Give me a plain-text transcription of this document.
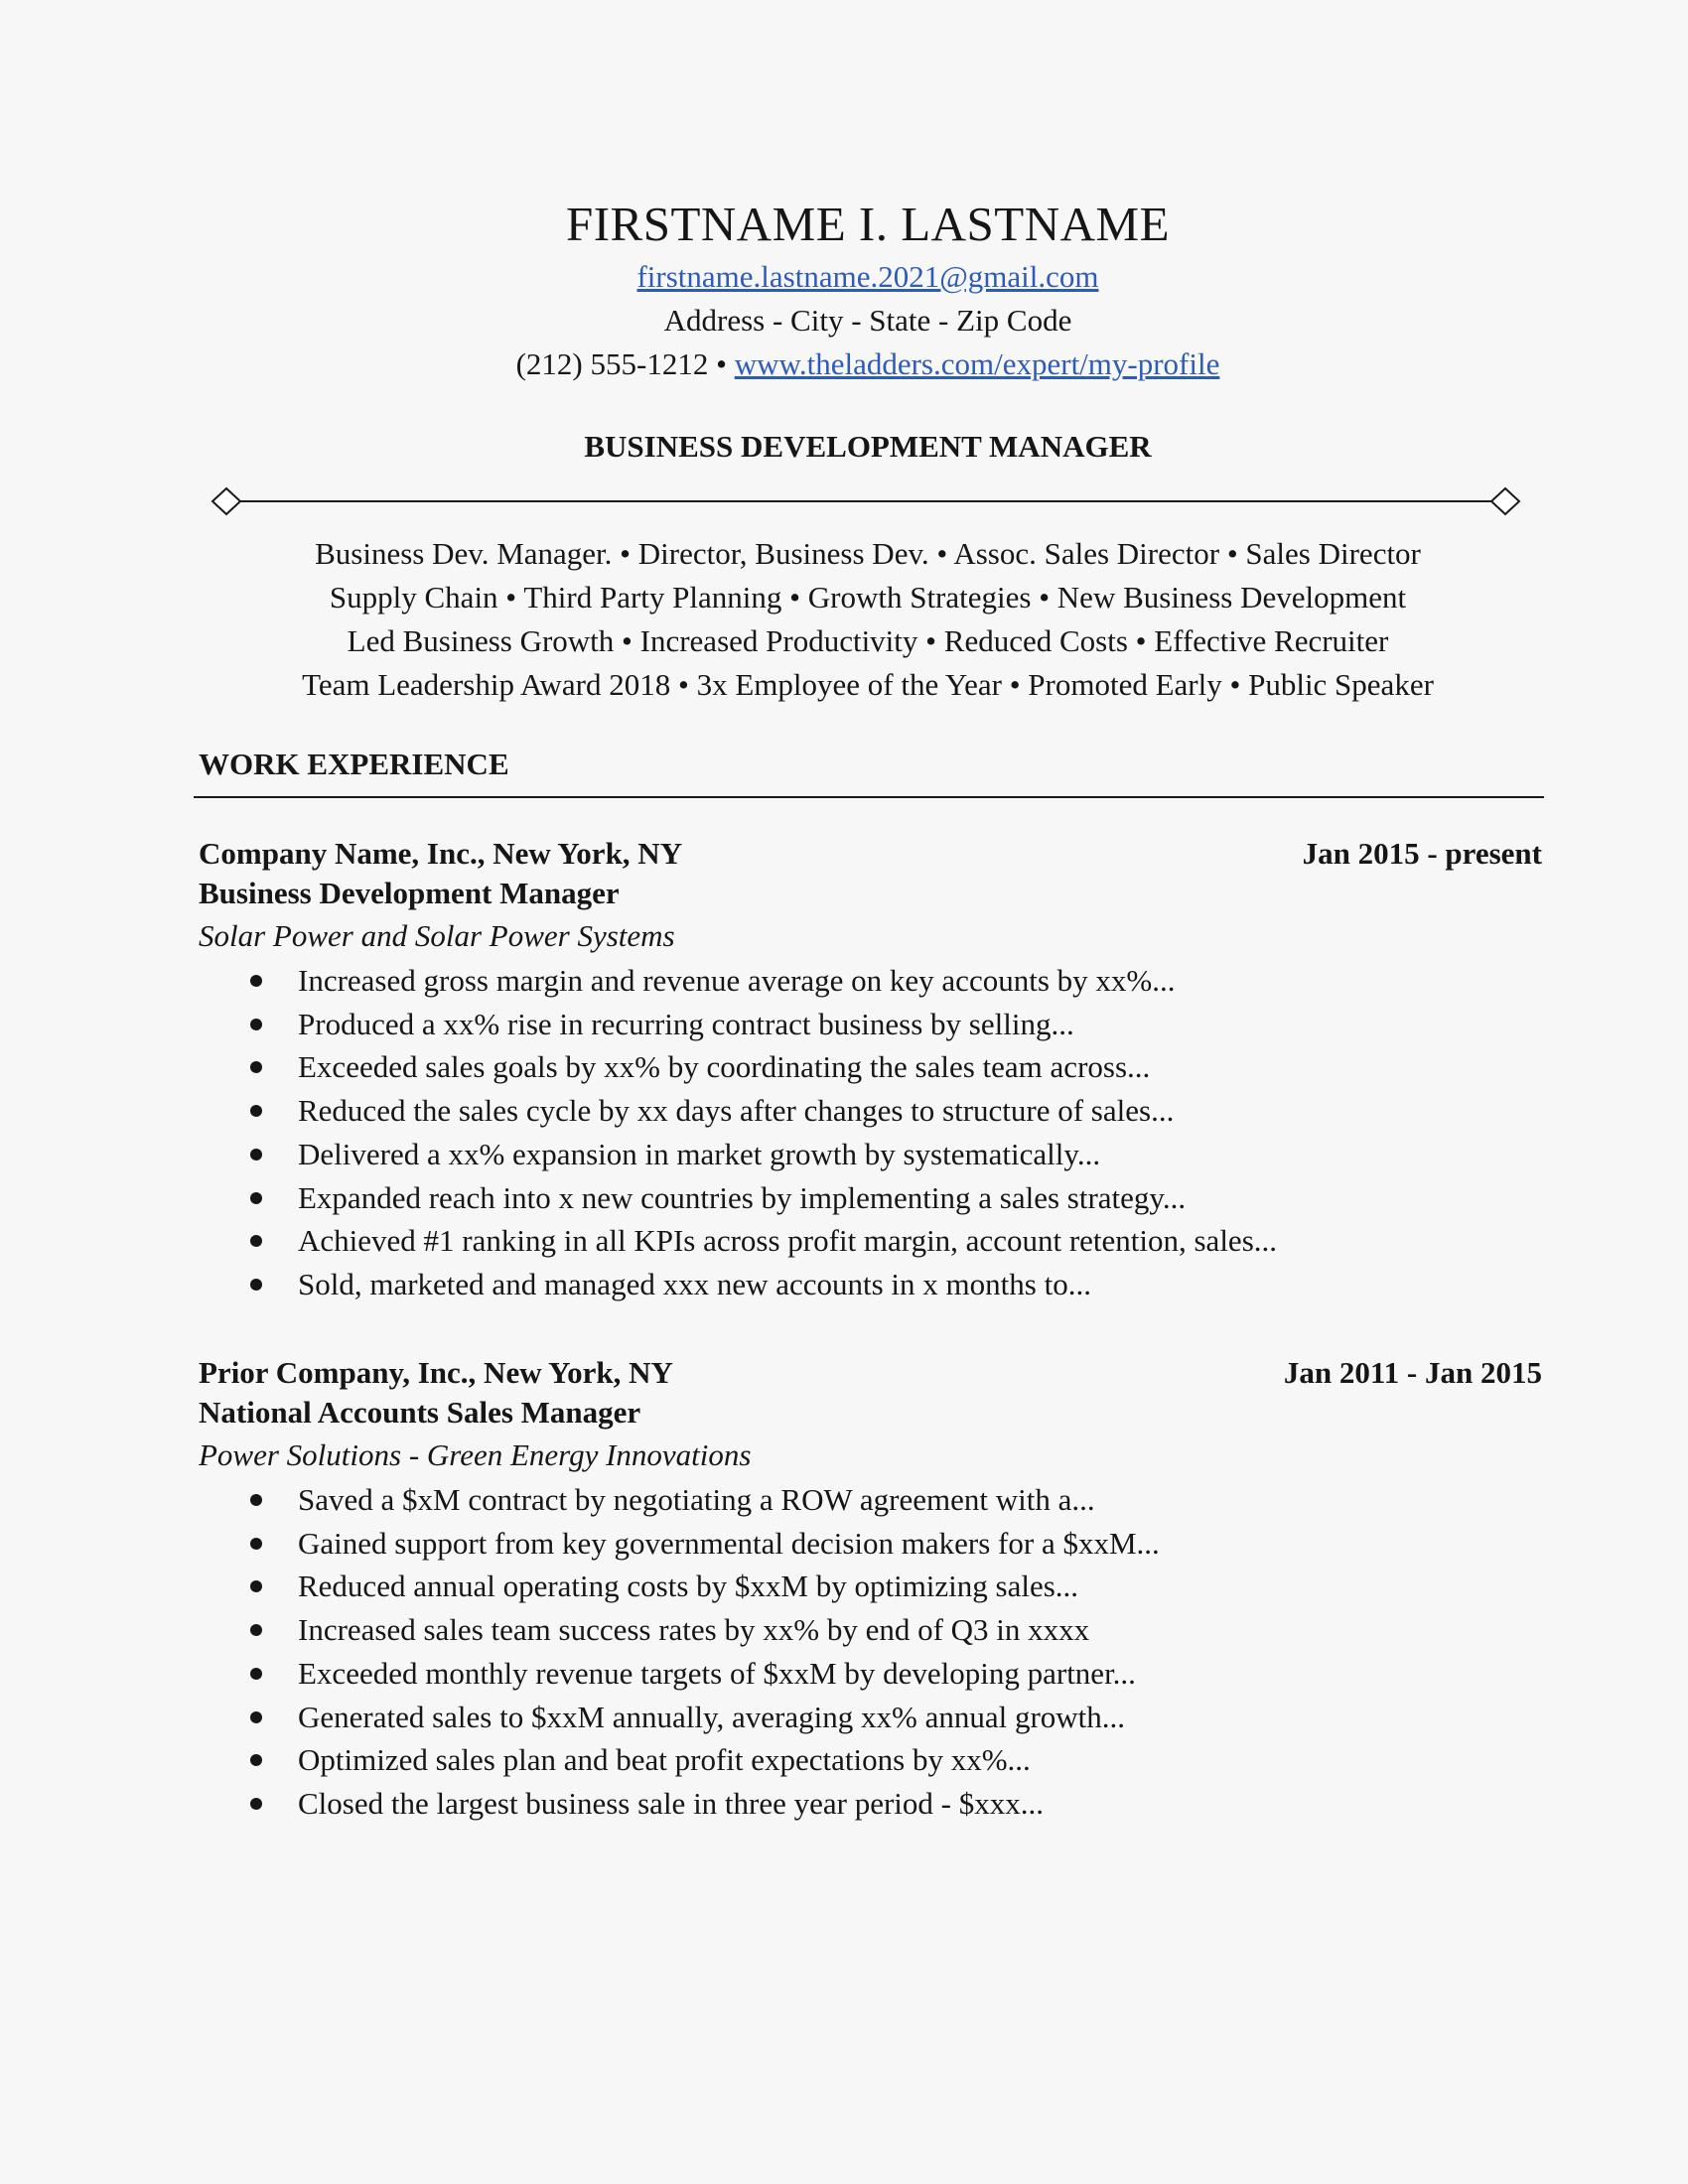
FIRSTNAME I. LASTNAME
firstname.lastname.2021@gmail.com
Address - City - State - Zip Code
(212) 555-1212 • www.theladders.com/expert/my-profile
BUSINESS DEVELOPMENT MANAGER
Business Dev. Manager. • Director, Business Dev. • Assoc. Sales Director • Sales Director
Supply Chain • Third Party Planning • Growth Strategies • New Business Development
Led Business Growth • Increased Productivity • Reduced Costs • Effective Recruiter
Team Leadership Award 2018 • 3x Employee of the Year • Promoted Early • Public Speaker
WORK EXPERIENCE
Company Name, Inc., New York, NY	Jan 2015 - present
Business Development Manager
Solar Power and Solar Power Systems
Increased gross margin and revenue average on key accounts by xx%...
Produced a xx% rise in recurring contract business by selling...
Exceeded sales goals by xx% by coordinating the sales team across...
Reduced the sales cycle by xx days after changes to structure of sales...
Delivered a xx% expansion in market growth by systematically...
Expanded reach into x new countries by implementing a sales strategy...
Achieved #1 ranking in all KPIs across profit margin, account retention, sales...
Sold, marketed and managed xxx new accounts in x months to...
Prior Company, Inc., New York, NY	Jan 2011 - Jan 2015
National Accounts Sales Manager
Power Solutions - Green Energy Innovations
Saved a $xM contract by negotiating a ROW agreement with a...
Gained support from key governmental decision makers for a $xxM...
Reduced annual operating costs by $xxM by optimizing sales...
Increased sales team success rates by xx% by end of Q3 in xxxx
Exceeded monthly revenue targets of $xxM by developing partner...
Generated sales to $xxM annually, averaging xx% annual growth...
Optimized sales plan and beat profit expectations by xx%...
Closed the largest business sale in three year period - $xxx...
